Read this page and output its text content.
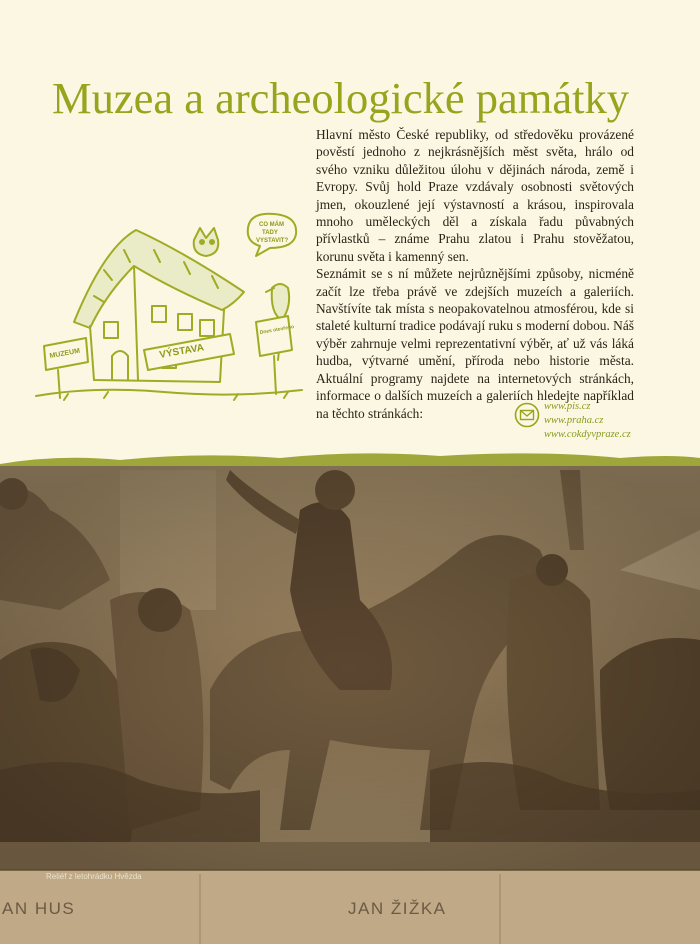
Muzea a archeologické památky

Hlavní město České republiky, od středověku provázené pověstí jednoho z nejkrásnějších měst světa, hrálo od svého vzniku důležitou úlohu v dějinách národa, země i Evropy. Svůj hold Praze vzdávaly osobnosti světových jmen, okouzlené její výstavností a krásou, inspirovala mnoho uměleckých děl a získala řadu půvabných přívlastků – známe Prahu zlatou i Prahu stověžatou, korunu světa i kamenný sen.

Seznámit se s ní můžete nejrůznějšími způsoby, nicméně začít lze třeba právě ve zdejších muzeích a galeriích. Navštívíte tak místa s neopakovatelnou atmosférou, kde si staleté kulturní tradice podávají ruku s moderní dobou. Náš výběr zahrnuje velmi reprezentativní výběr, ať už vás láká hudba, výtvarné umění, příroda nebo historie města. Aktuální programy najdete na internetových stránkách, informace o dalších muzeích a galeriích hledejte například na těchto stránkách:

CO MÁM
TADY
VYSTAVIT?
MUZEUM	VÝSTAVA
Dnes otevřeno
www.pis.cz
www.praha.cz
www.cokdyvpraze.cz
Reliéf z letohrádku Hvězda
AN HUS	JAN ŽIŽKA
